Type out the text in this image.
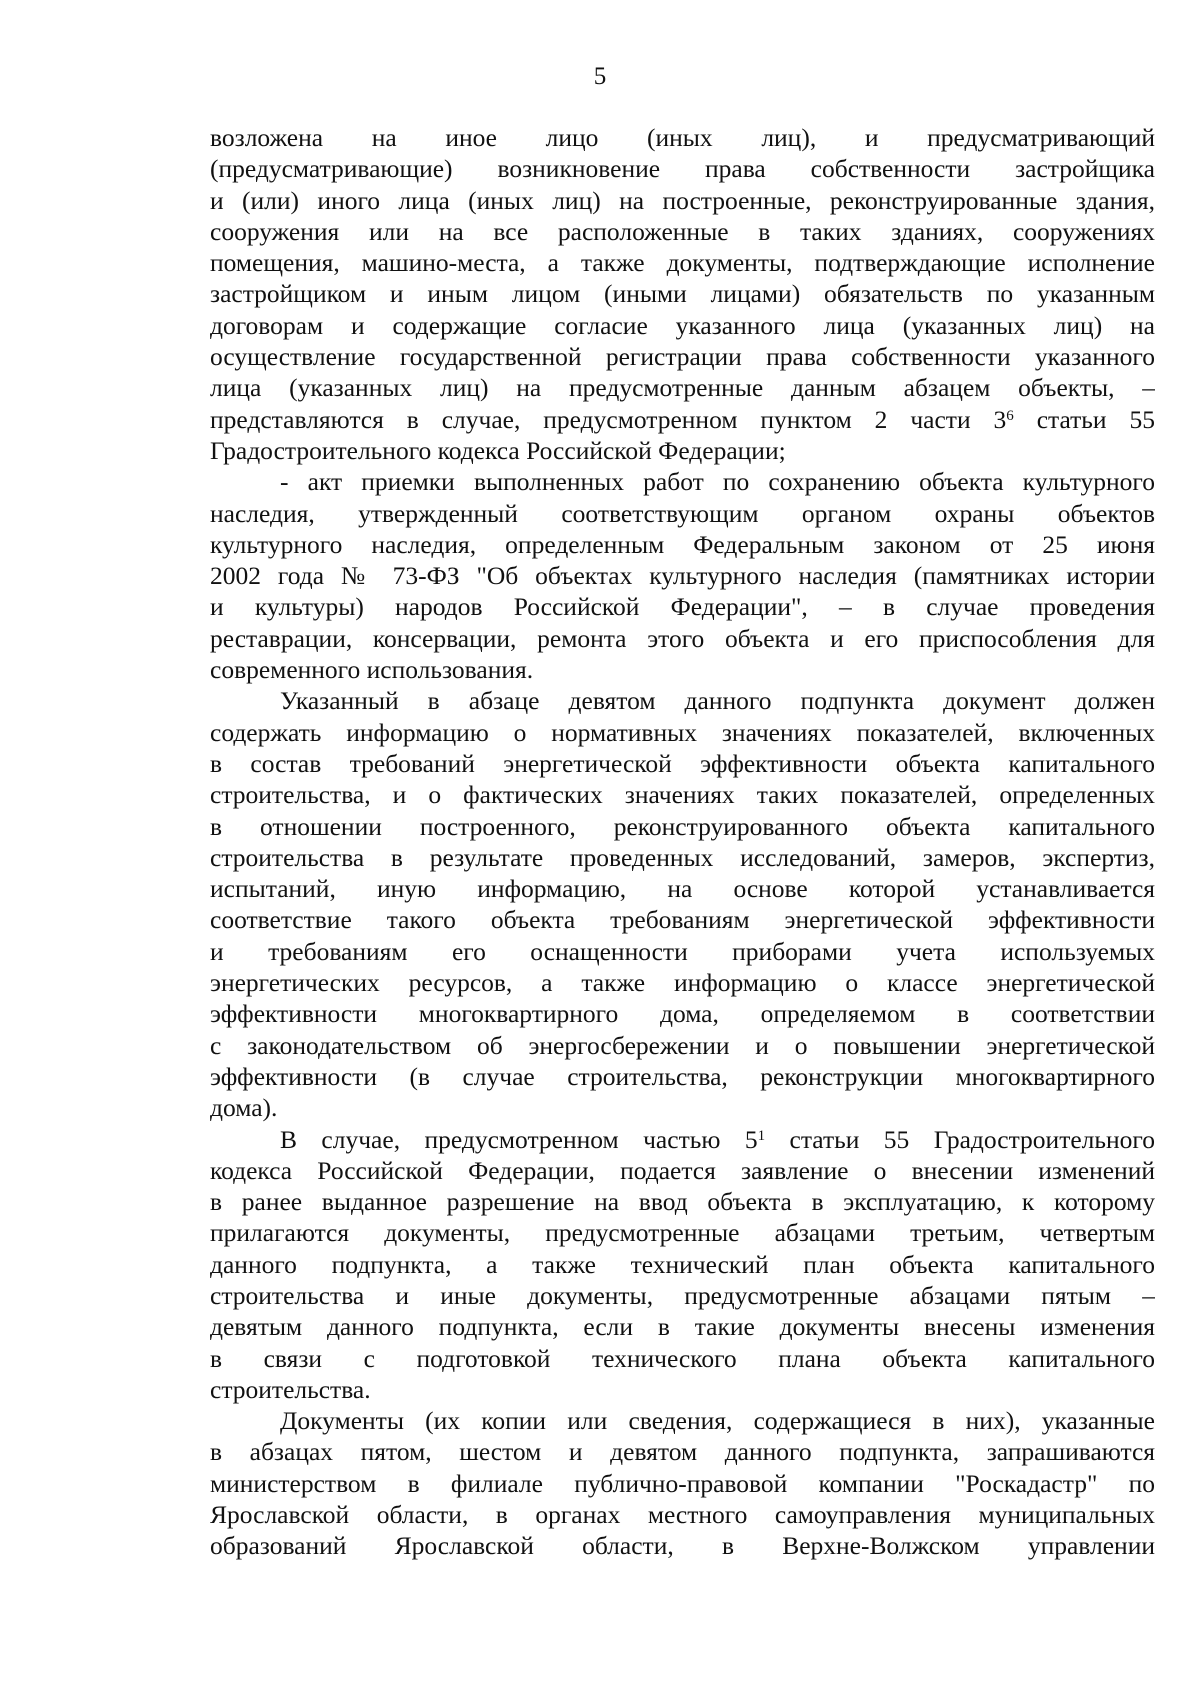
5

возложена на иное лицо (иных лиц), и предусматривающий
(предусматривающие) возникновение права собственности застройщика
и (или) иного лица (иных лиц) на построенные, реконструированные здания,
сооружения или на все расположенные в таких зданиях, сооружениях
помещения, машино-места, а также документы, подтверждающие исполнение
застройщиком и иным лицом (иными лицами) обязательств по указанным
договорам и содержащие согласие указанного лица (указанных лиц) на
осуществление государственной регистрации права собственности указанного
лица (указанных лиц) на предусмотренные данным абзацем объекты, –
представляются в случае, предусмотренном пунктом 2 части $3^6$ статьи 55
Градостроительного кодекса Российской Федерации;

- акт приемки выполненных работ по сохранению объекта культурного
наследия, утвержденный соответствующим органом охраны объектов
культурного наследия, определенным Федеральным законом от 25 июня
2002 года № 73-ФЗ "Об объектах культурного наследия (памятниках истории
и культуры) народов Российской Федерации", – в случае проведения
реставрации, консервации, ремонта этого объекта и его приспособления для
современного использования.

Указанный в абзаце девятом данного подпункта документ должен
содержать информацию о нормативных значениях показателей, включенных
в состав требований энергетической эффективности объекта капитального
строительства, и о фактических значениях таких показателей, определенных
в отношении построенного, реконструированного объекта капитального
строительства в результате проведенных исследований, замеров, экспертиз,
испытаний, иную информацию, на основе которой устанавливается
соответствие такого объекта требованиям энергетической эффективности
и требованиям его оснащенности приборами учета используемых
энергетических ресурсов, а также информацию о классе энергетической
эффективности многоквартирного дома, определяемом в соответствии
с законодательством об энергосбережении и о повышении энергетической
эффективности (в случае строительства, реконструкции многоквартирного
дома).

В случае, предусмотренном частью $5^1$ статьи 55 Градостроительного
кодекса Российской Федерации, подается заявление о внесении изменений
в ранее выданное разрешение на ввод объекта в эксплуатацию, к которому
прилагаются документы, предусмотренные абзацами третьим, четвертым
данного подпункта, а также технический план объекта капитального
строительства и иные документы, предусмотренные абзацами пятым –
девятым данного подпункта, если в такие документы внесены изменения
в связи с подготовкой технического плана объекта капитального
строительства.

Документы (их копии или сведения, содержащиеся в них), указанные
в абзацах пятом, шестом и девятом данного подпункта, запрашиваются
министерством в филиале публично-правовой компании "Роскадастр" по
Ярославской области, в органах местного самоуправления муниципальных
образований Ярославской области, в Верхне-Волжском управлении
